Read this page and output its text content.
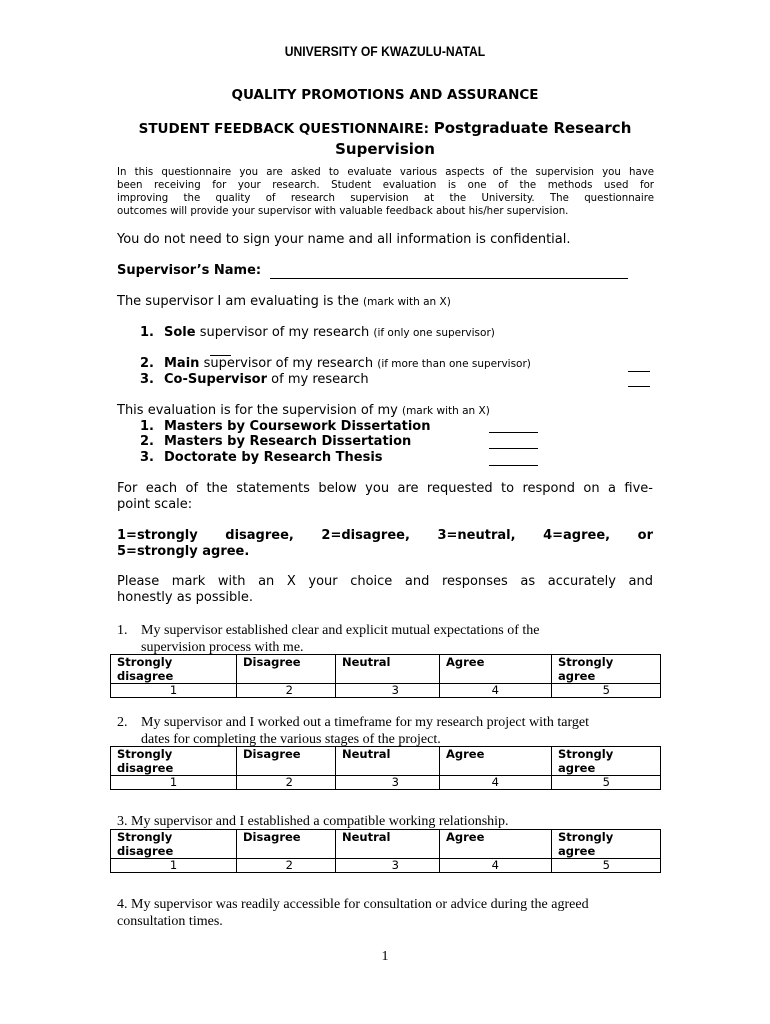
UNIVERSITY OF KWAZULU-NATAL
QUALITY PROMOTIONS AND ASSURANCE
STUDENT FEEDBACK QUESTIONNAIRE: Postgraduate Research
Supervision
In this questionnaire you are asked to evaluate various aspects of the supervision you have
been receiving for your research. Student evaluation is one of the methods used for
improving the quality of research supervision at the University. The questionnaire
outcomes will provide your supervisor with valuable feedback about his/her supervision.
You do not need to sign your name and all information is confidential.
Supervisor’s Name:
The supervisor I am evaluating is the (mark with an X)
1. Sole supervisor of my research (if only one supervisor)
2. Main supervisor of my research (if more than one supervisor)
3. Co-Supervisor of my research
This evaluation is for the supervision of my (mark with an X)
1. Masters by Coursework Dissertation
2. Masters by Research Dissertation
3. Doctorate by Research Thesis
For each of the statements below you are requested to respond on a five-
point scale:
1=strongly disagree, 2=disagree, 3=neutral, 4=agree, or
5=strongly agree.
Please mark with an X your choice and responses as accurately and
honestly as possible.
1. My supervisor established clear and explicit mutual expectations of the
supervision process with me.
Strongly
disagree	Disagree	Neutral	Agree	Strongly
agree
1	2	3	4	5
2. My supervisor and I worked out a timeframe for my research project with target
dates for completing the various stages of the project.
Strongly
disagree	Disagree	Neutral	Agree	Strongly
agree
1	2	3	4	5
3. My supervisor and I established a compatible working relationship.
Strongly
disagree	Disagree	Neutral	Agree	Strongly
agree
1	2	3	4	5
4. My supervisor was readily accessible for consultation or advice during the agreed
consultation times.
1
